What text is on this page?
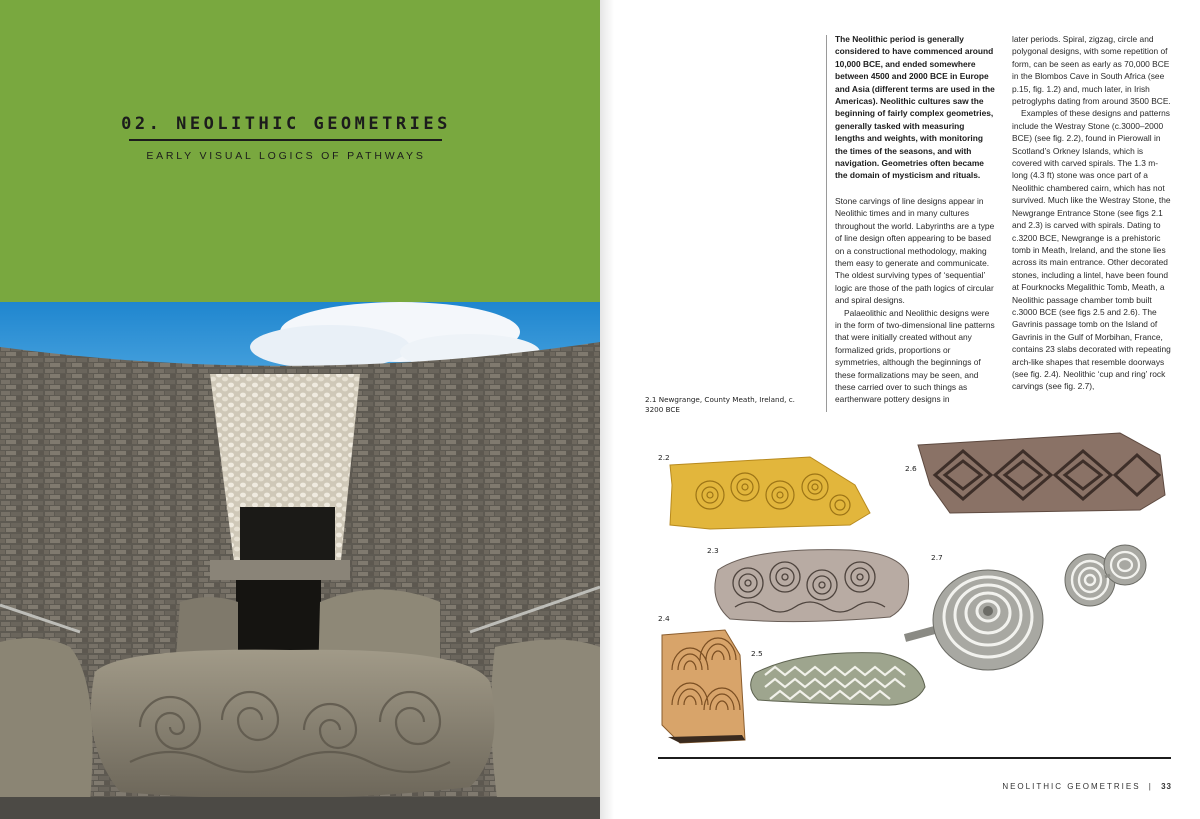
02. NEOLITHIC GEOMETRIES
EARLY VISUAL LOGICS OF PATHWAYS

The Neolithic period is generally considered to have commenced around 10,000 BCE, and ended somewhere between 4500 and 2000 BCE in Europe and Asia (different terms are used in the Americas). Neolithic cultures saw the beginning of fairly complex geometries, generally tasked with measuring lengths and weights, with monitoring the times of the seasons, and with navigation. Geometries often became the domain of mysticism and rituals.

Stone carvings of line designs appear in Neolithic times and in many cultures throughout the world. Labyrinths are a type of line design often appearing to be based on a constructional methodology, making them easy to generate and communicate. The oldest surviving types of ‘sequential’ logic are those of the path logics of circular and spiral designs.

Palaeolithic and Neolithic designs were in the form of two-dimensional line patterns that were initially created without any formalized grids, proportions or symmetries, although the beginnings of these formalizations may be seen, and these carried over to such things as earthenware pottery designs in

later periods. Spiral, zigzag, circle and polygonal designs, with some repetition of form, can be seen as early as 70,000 BCE in the Blombos Cave in South Africa (see p.15, fig. 1.2) and, much later, in Irish petroglyphs dating from around 3500 BCE.

Examples of these designs and patterns include the Westray Stone (c.3000–2000 BCE) (see fig. 2.2), found in Pierowall in Scotland’s Orkney Islands, which is covered with carved spirals. The 1.3 m-long (4.3 ft) stone was once part of a Neolithic chambered cairn, which has not survived. Much like the Westray Stone, the Newgrange Entrance Stone (see figs 2.1 and 2.3) is carved with spirals. Dating to c.3200 BCE, Newgrange is a prehistoric tomb in Meath, Ireland, and the stone lies across its main entrance. Other decorated stones, including a lintel, have been found at Fourknocks Megalithic Tomb, Meath, a Neolithic passage chamber tomb built c.3000 BCE (see figs 2.5 and 2.6). The Gavrinis passage tomb on the Island of Gavrinis in the Gulf of Morbihan, France, contains 23 slabs decorated with repeating arch-like shapes that resemble doorways (see fig. 2.4). Neolithic ‘cup and ring’ rock carvings (see fig. 2.7),

2.1 Newgrange, County Meath, Ireland, c. 3200 BCE
2.2
2.6
2.3
2.7
2.4
2.5
NEOLITHIC GEOMETRIES | 33
